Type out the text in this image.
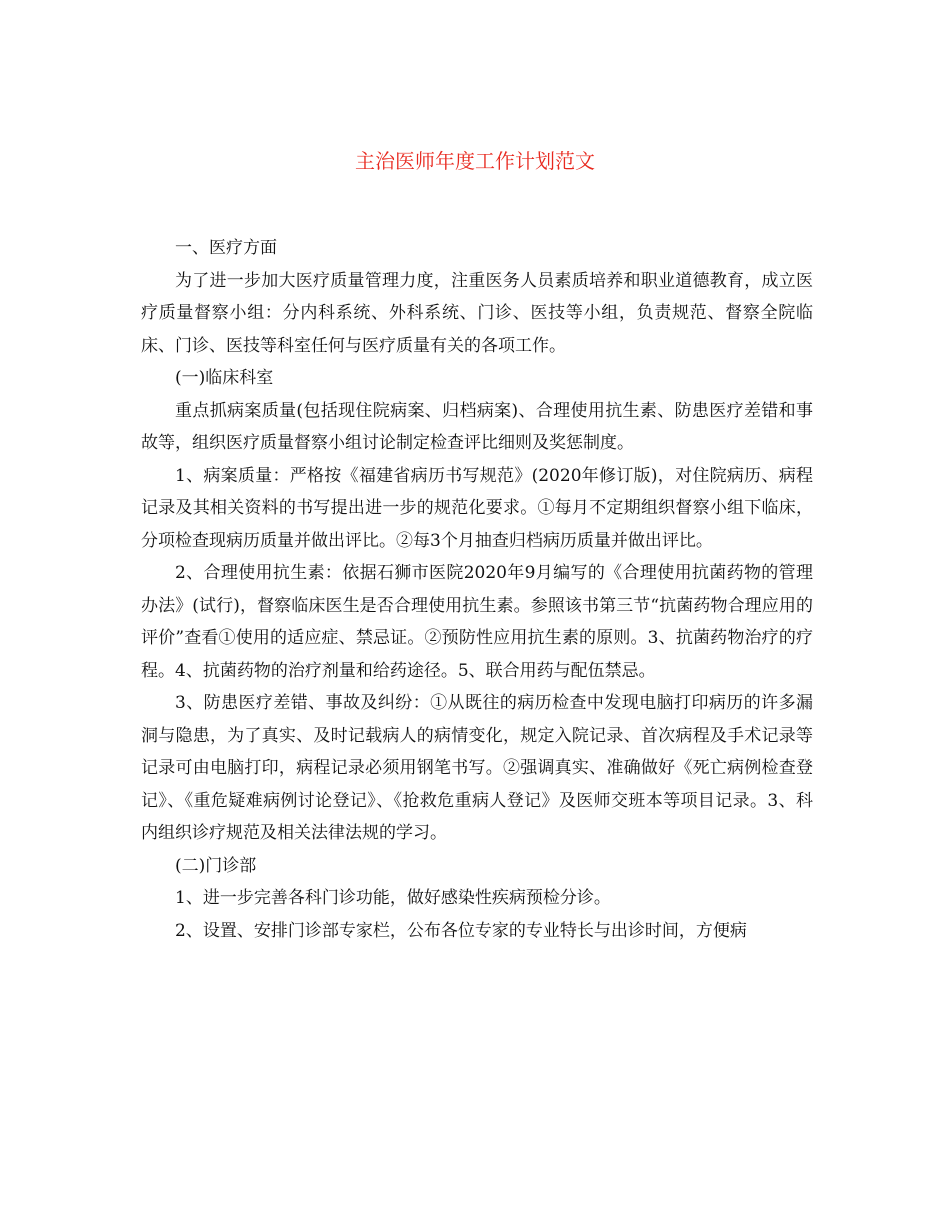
主治医师年度工作计划范文

一、医疗方面

为了进一步加大医疗质量管理力度，注重医务人员素质培养和职业道德教育，成立医疗质量督察小组：分内科系统、外科系统、门诊、医技等小组，负责规范、督察全院临床、门诊、医技等科室任何与医疗质量有关的各项工作。

(一)临床科室

重点抓病案质量(包括现住院病案、归档病案)、合理使用抗生素、防患医疗差错和事故等，组织医疗质量督察小组讨论制定检查评比细则及奖惩制度。

1、病案质量：严格按《福建省病历书写规范》(2020年修订版)，对住院病历、病程记录及其相关资料的书写提出进一步的规范化要求。①每月不定期组织督察小组下临床，分项检查现病历质量并做出评比。②每3个月抽查归档病历质量并做出评比。

2、合理使用抗生素：依据石狮市医院2020年9月编写的《合理使用抗菌药物的管理办法》(试行)，督察临床医生是否合理使用抗生素。参照该书第三节“抗菌药物合理应用的评价”查看①使用的适应症、禁忌证。②预防性应用抗生素的原则。3、抗菌药物治疗的疗程。4、抗菌药物的治疗剂量和给药途径。5、联合用药与配伍禁忌。

3、防患医疗差错、事故及纠纷：①从既往的病历检查中发现电脑打印病历的许多漏洞与隐患，为了真实、及时记载病人的病情变化，规定入院记录、首次病程及手术记录等记录可由电脑打印，病程记录必须用钢笔书写。②强调真实、准确做好《死亡病例检查登记》、《重危疑难病例讨论登记》、《抢救危重病人登记》及医师交班本等项目记录。3、科内组织诊疗规范及相关法律法规的学习。

(二)门诊部

1、进一步完善各科门诊功能，做好感染性疾病预检分诊。

2、设置、安排门诊部专家栏，公布各位专家的专业特长与出诊时间，方便病
